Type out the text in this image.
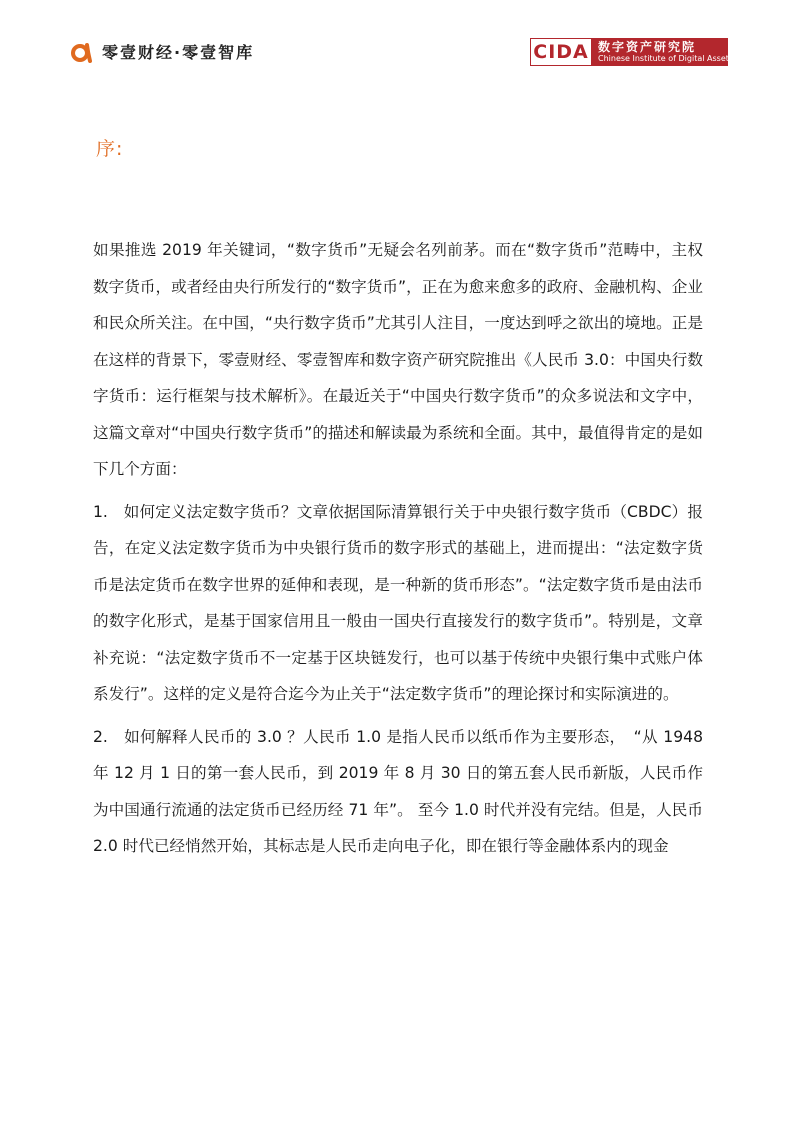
零壹财经·零壹智库	CIDA 数字资产研究院
Chinese Institute of Digital Assets
序:

如果推选 2019 年关键词，“数字货币”无疑会名列前茅。而在“数字货币”范畴中，主权数字货币，或者经由央行所发行的“数字货币”，正在为愈来愈多的政府、金融机构、企业和民众所关注。在中国，“央行数字货币”尤其引人注目，一度达到呼之欲出的境地。正是在这样的背景下，零壹财经、零壹智库和数字资产研究院推出《人民币 3.0：中国央行数字货币：运行框架与技术解析》。在最近关于“中国央行数字货币”的众多说法和文字中，这篇文章对“中国央行数字货币”的描述和解读最为系统和全面。其中，最值得肯定的是如下几个方面：

1.　如何定义法定数字货币？文章依据国际清算银行关于中央银行数字货币（CBDC）报告，在定义法定数字货币为中央银行货币的数字形式的基础上，进而提出：“法定数字货币是法定货币在数字世界的延伸和表现，是一种新的货币形态”。“法定数字货币是由法币的数字化形式，是基于国家信用且一般由一国央行直接发行的数字货币”。特别是，文章补充说：“法定数字货币不一定基于区块链发行，也可以基于传统中央银行集中式账户体系发行”。这样的定义是符合迄今为止关于“法定数字货币”的理论探讨和实际演进的。

2.　如何解释人民币的 3.0 ？人民币 1.0 是指人民币以纸币作为主要形态，　“从 1948 年 12 月 1 日的第一套人民币，到 2019 年 8 月 30 日的第五套人民币新版，人民币作为中国通行流通的法定货币已经历经 71 年”。 至今 1.0 时代并没有完结。但是，人民币 2.0 时代已经悄然开始，其标志是人民币走向电子化，即在银行等金融体系内的现金
